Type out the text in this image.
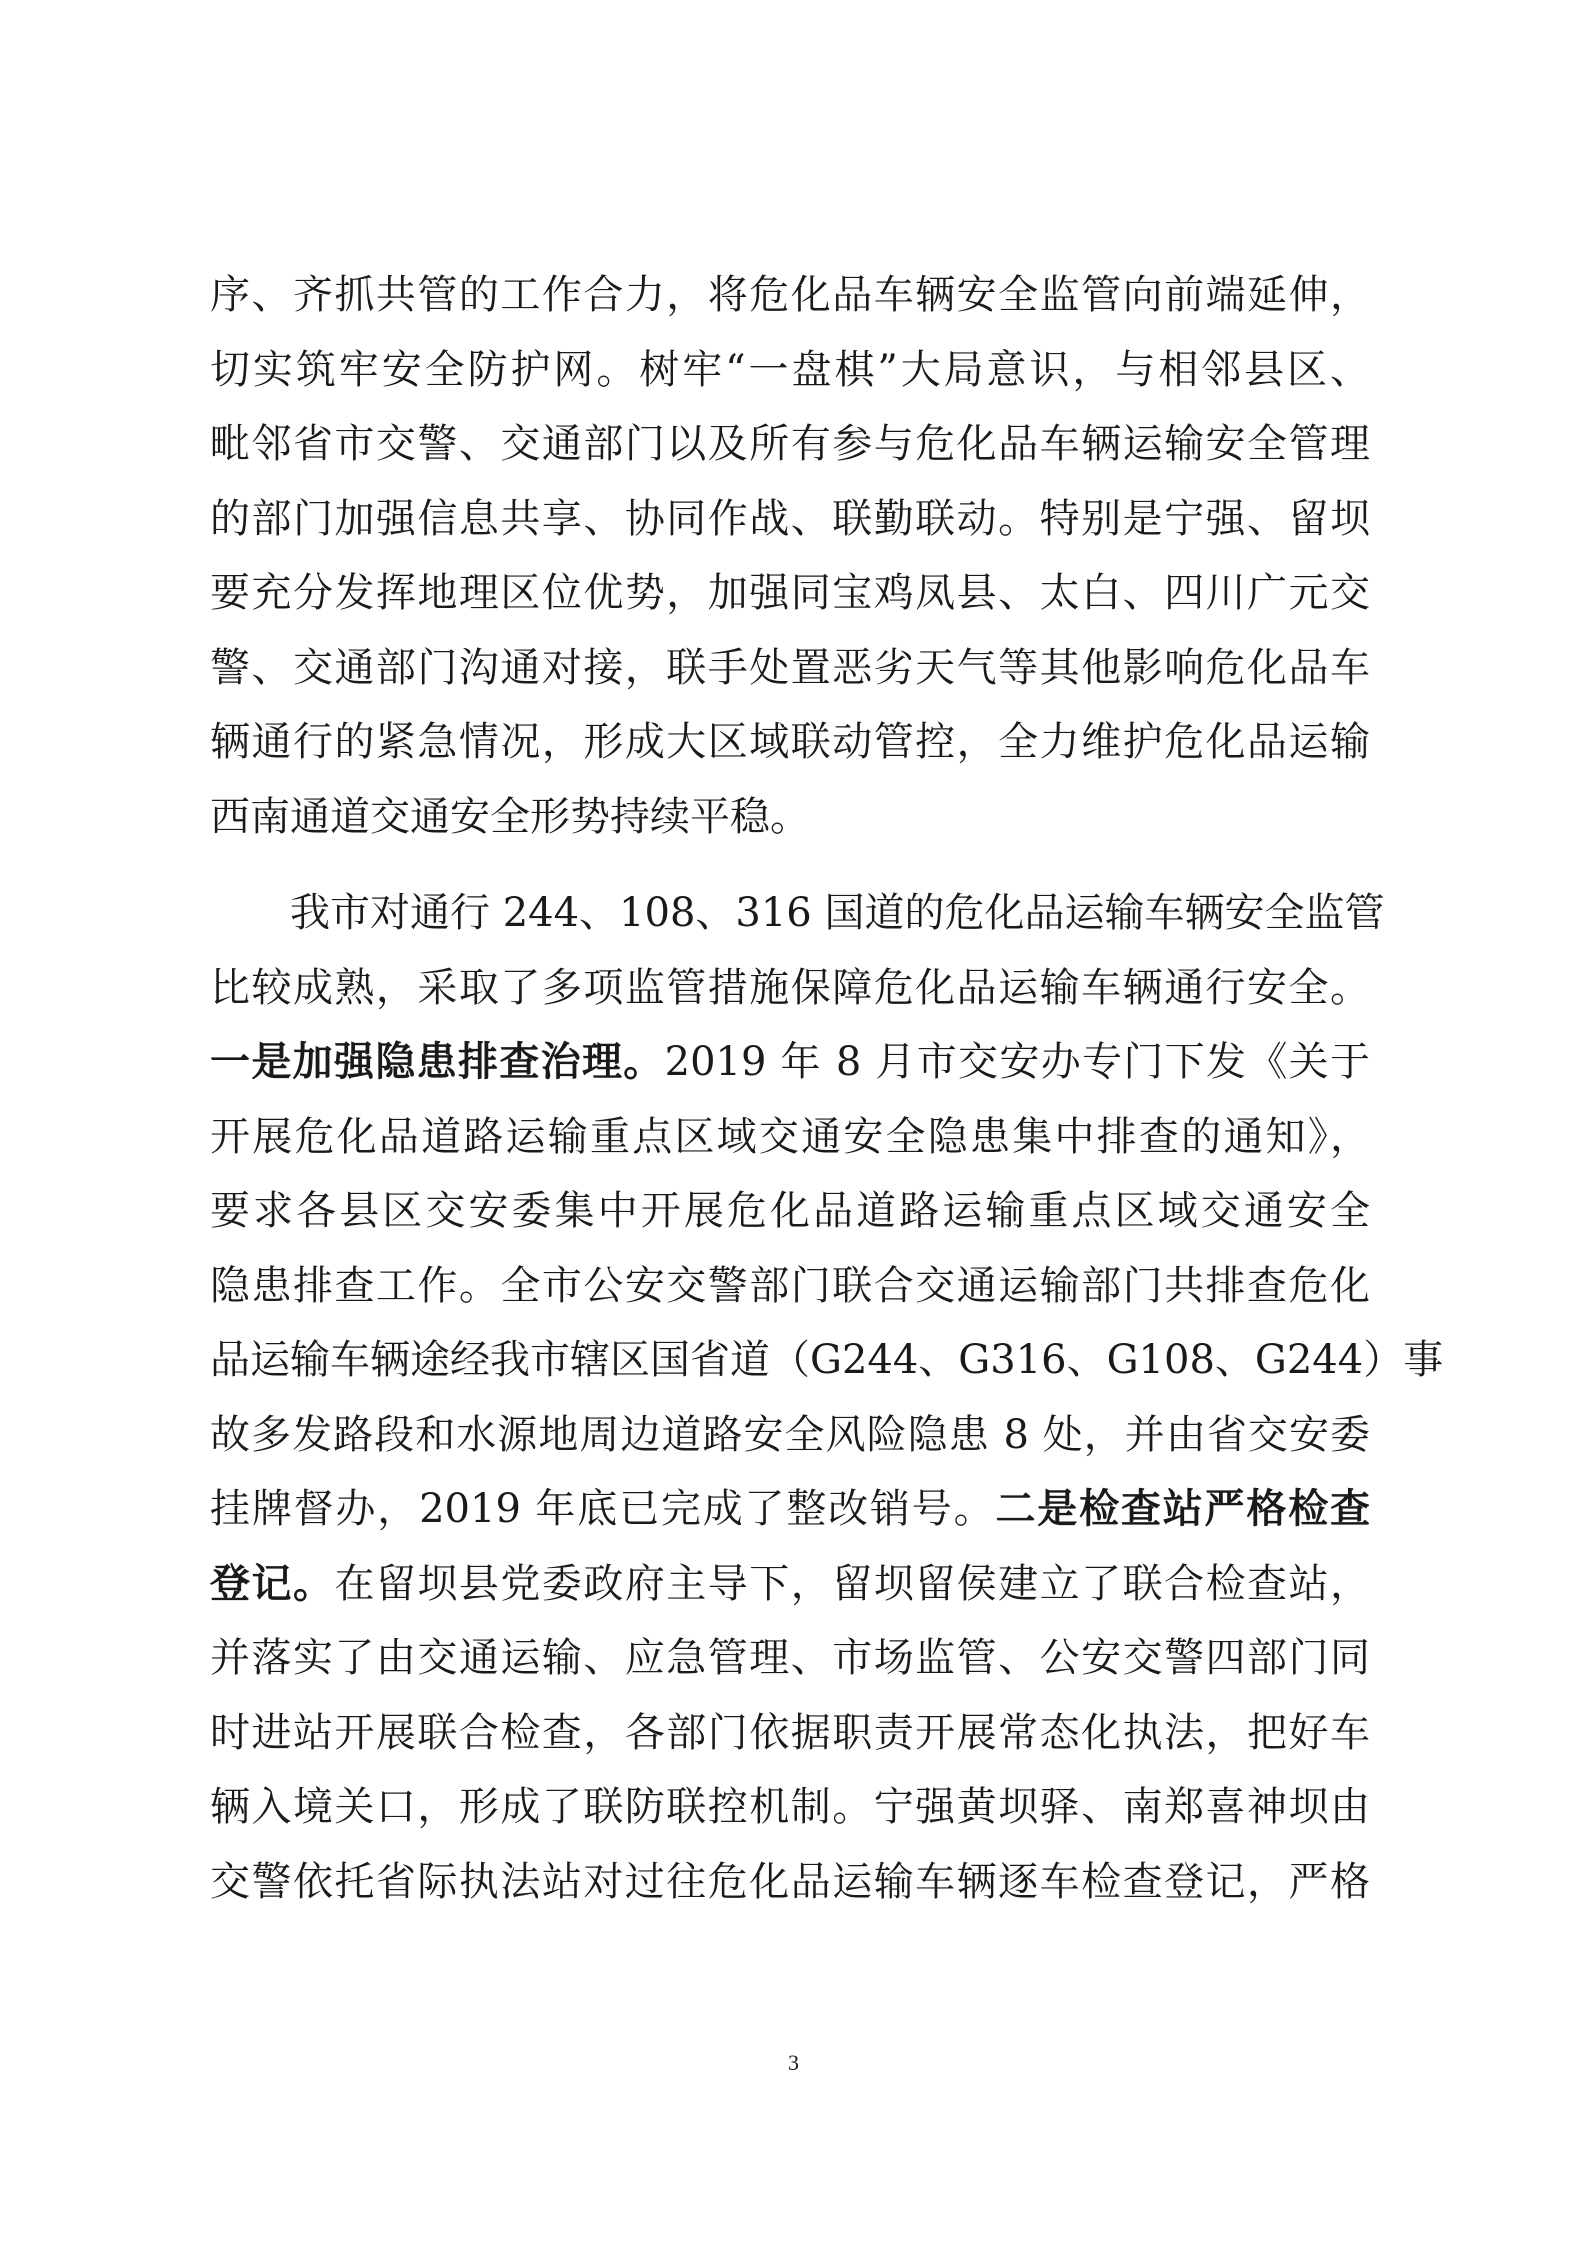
序、齐抓共管的工作合力，将危化品车辆安全监管向前端延伸，
切实筑牢安全防护网。树牢“一盘棋”大局意识，与相邻县区、
毗邻省市交警、交通部门以及所有参与危化品车辆运输安全管理
的部门加强信息共享、协同作战、联勤联动。特别是宁强、留坝
要充分发挥地理区位优势，加强同宝鸡凤县、太白、四川广元交
警、交通部门沟通对接，联手处置恶劣天气等其他影响危化品车
辆通行的紧急情况，形成大区域联动管控，全力维护危化品运输
西南通道交通安全形势持续平稳。
我市对通行 244、108、316 国道的危化品运输车辆安全监管
比较成熟，采取了多项监管措施保障危化品运输车辆通行安全。
一是加强隐患排查治理。2019 年 8 月市交安办专门下发《关于
开展危化品道路运输重点区域交通安全隐患集中排查的通知》，
要求各县区交安委集中开展危化品道路运输重点区域交通安全
隐患排查工作。全市公安交警部门联合交通运输部门共排查危化
品运输车辆途经我市辖区国省道（G244、G316、G108、G244）事
故多发路段和水源地周边道路安全风险隐患 8 处，并由省交安委
挂牌督办，2019 年底已完成了整改销号。二是检查站严格检查
登记。在留坝县党委政府主导下，留坝留侯建立了联合检查站，
并落实了由交通运输、应急管理、市场监管、公安交警四部门同
时进站开展联合检查，各部门依据职责开展常态化执法，把好车
辆入境关口，形成了联防联控机制。宁强黄坝驿、南郑喜神坝由
交警依托省际执法站对过往危化品运输车辆逐车检查登记，严格
3
